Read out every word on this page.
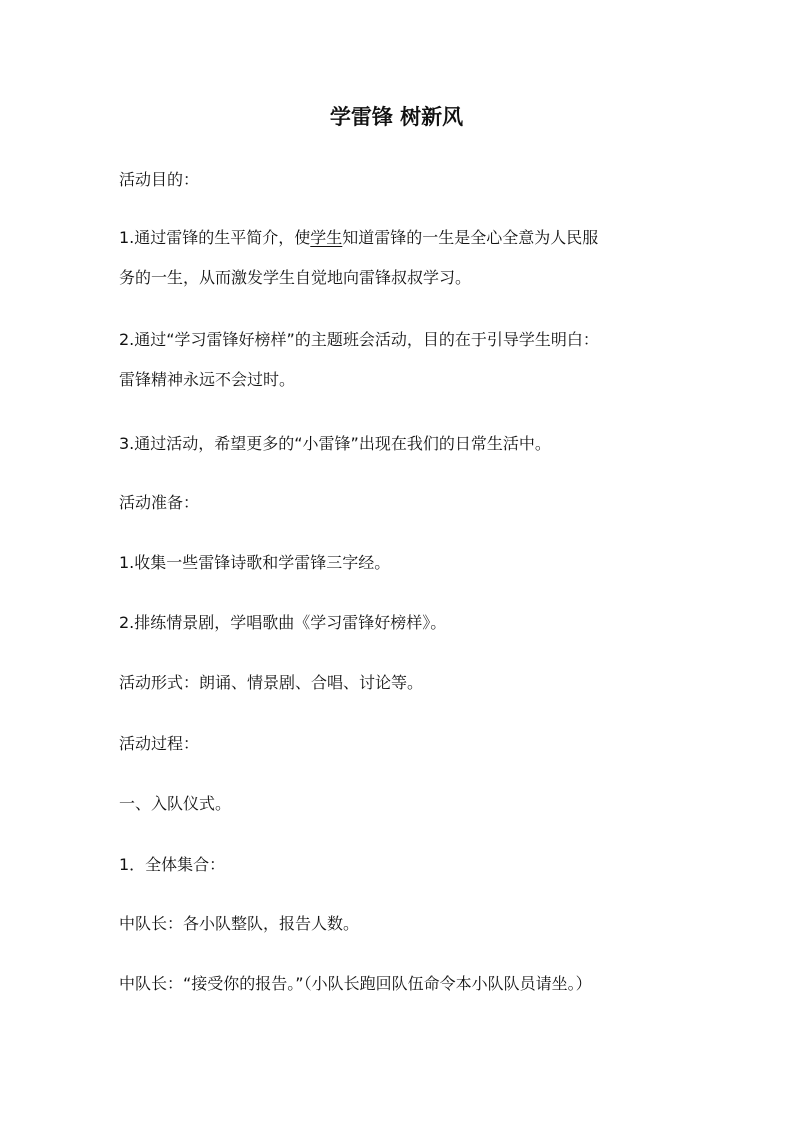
学雷锋 树新风

活动目的：

1.通过雷锋的生平简介，使学生知道雷锋的一生是全心全意为人民服

务的一生，从而激发学生自觉地向雷锋叔叔学习。

2.通过“学习雷锋好榜样”的主题班会活动，目的在于引导学生明白：

雷锋精神永远不会过时。

3.通过活动，希望更多的“小雷锋”出现在我们的日常生活中。

活动准备：

1.收集一些雷锋诗歌和学雷锋三字经。

2.排练情景剧，学唱歌曲《学习雷锋好榜样》。

活动形式：朗诵、情景剧、合唱、讨论等。

活动过程：

一、入队仪式。

1．全体集合：

中队长：各小队整队，报告人数。

中队长：“接受你的报告。”（小队长跑回队伍命令本小队队员请坐。）
